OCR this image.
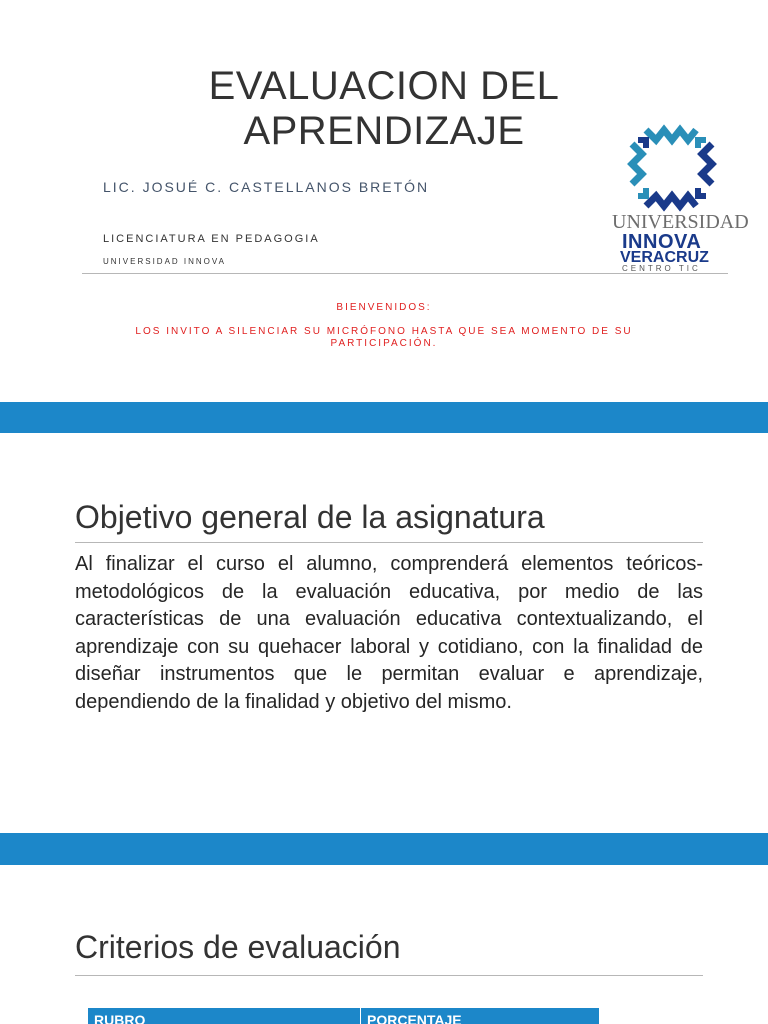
EVALUACION DEL
APRENDIZAJE
LIC. JOSUÉ C. CASTELLANOS BRETÓN
LICENCIATURA EN PEDAGOGIA
UNIVERSIDAD INNOVA
BIENVENIDOS:
LOS INVITO A SILENCIAR SU MICRÓFONO HASTA QUE SEA MOMENTO DE SU PARTICIPACIÓN.
UNIVERSIDAD
INNOVA
VERACRUZ
CENTRO TIC
Objetivo general de la asignatura
Al finalizar el curso el alumno, comprenderá elementos teóricos-metodológicos de la evaluación educativa, por medio de las características de una evaluación educativa contextualizando, el aprendizaje con su quehacer laboral y cotidiano, con la finalidad de diseñar instrumentos que le permitan evaluar e aprendizaje, dependiendo de la finalidad y objetivo del mismo.
Criterios de evaluación
RUBRO	PORCENTAJE
